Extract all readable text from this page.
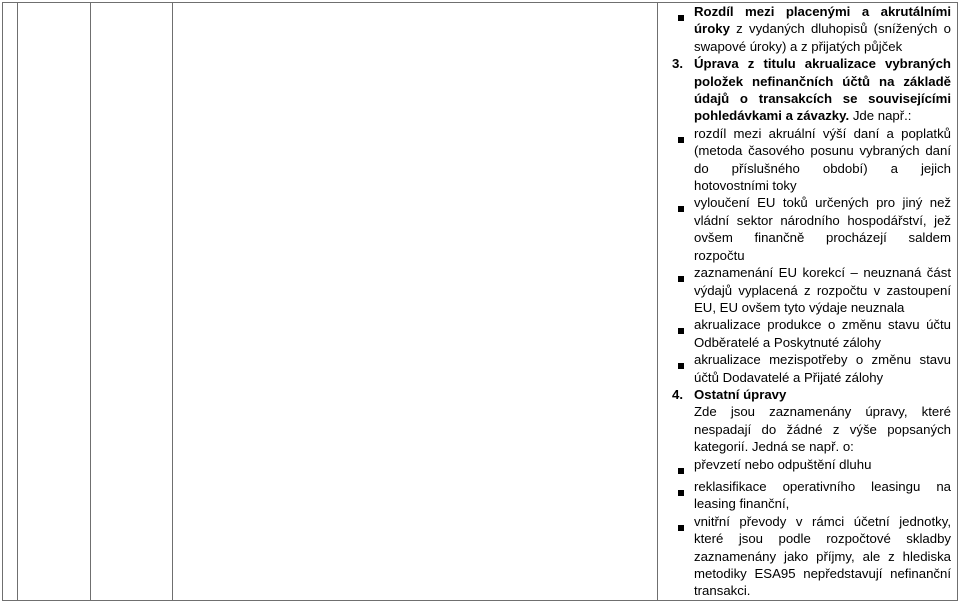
Rozdíl mezi placenými a akrutálními úroky z vydaných dluhopisů (snížených o swapové úroky) a z přijatých půjček
3. Úprava z titulu akrualizace vybraných položek nefinančních účtů na základě údajů o transakcích se souvisejícími pohledávkami a závazky. Jde např.:
rozdíl mezi akruální výší daní a poplatků (metoda časového posunu vybraných daní do příslušného období) a jejich hotovostními toky
vyloučení EU toků určených pro jiný než vládní sektor národního hospodářství, jež ovšem finančně procházejí saldem rozpočtu
zaznamenání EU korekcí – neuznaná část výdajů vyplacená z rozpočtu v zastoupení EU, EU ovšem tyto výdaje neuznala
akrualizace produkce o změnu stavu účtu Odběratelé a Poskytnuté zálohy
akrualizace mezispotřeby o změnu stavu účtů Dodavatelé a Přijaté zálohy
4. Ostatní úpravy
Zde jsou zaznamenány úpravy, které nespadají do žádné z výše popsaných kategorií. Jedná se např. o:
převzetí nebo odpuštění dluhu
reklasifikace operativního leasingu na leasing finanční,
vnitřní převody v rámci účetní jednotky, které jsou podle rozpočtové skladby zaznamenány jako příjmy, ale z hlediska metodiky ESA95 nepředstavují nefinanční transakci.
